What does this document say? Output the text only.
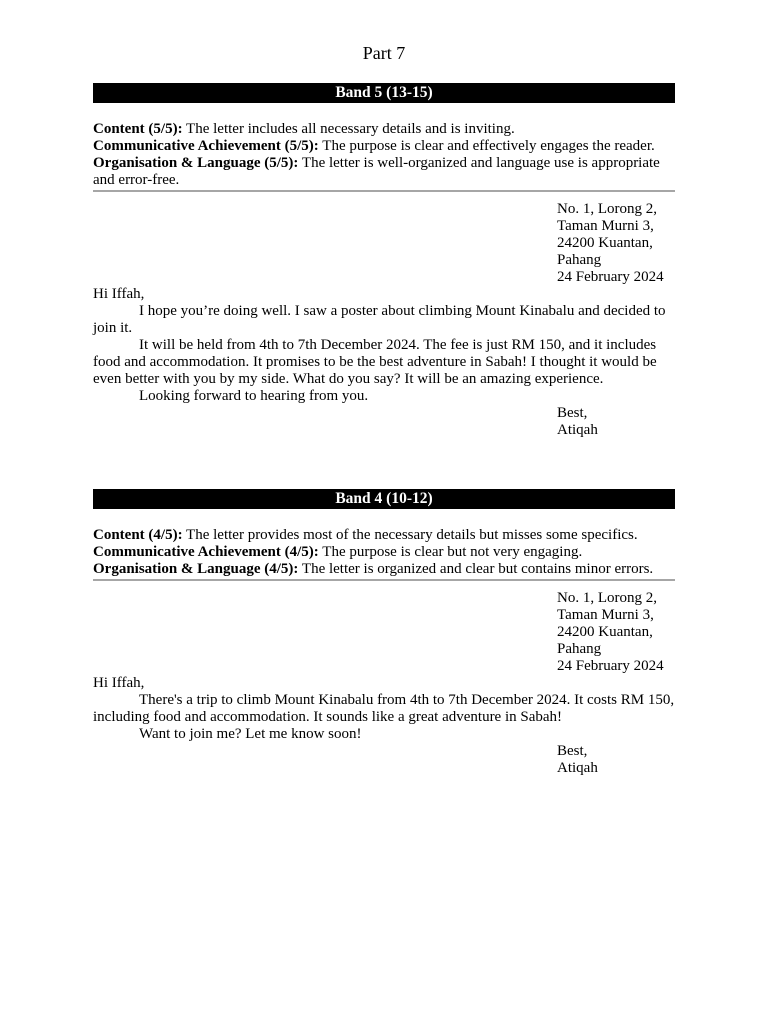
Part 7
Band 5 (13-15)
Content (5/5): The letter includes all necessary details and is inviting.
Communicative Achievement (5/5): The purpose is clear and effectively engages the reader.
Organisation & Language (5/5): The letter is well-organized and language use is appropriate and error-free.
No. 1, Lorong 2,
Taman Murni 3,
24200 Kuantan,
Pahang
24 February 2024
Hi Iffah,
I hope you’re doing well. I saw a poster about climbing Mount Kinabalu and decided to join it.
It will be held from 4th to 7th December 2024. The fee is just RM 150, and it includes food and accommodation. It promises to be the best adventure in Sabah! I thought it would be even better with you by my side. What do you say? It will be an amazing experience.
Looking forward to hearing from you.
Best,
Atiqah
Band 4 (10-12)
Content (4/5): The letter provides most of the necessary details but misses some specifics.
Communicative Achievement (4/5): The purpose is clear but not very engaging.
Organisation & Language (4/5): The letter is organized and clear but contains minor errors.
No. 1, Lorong 2,
Taman Murni 3,
24200 Kuantan,
Pahang
24 February 2024
Hi Iffah,
There's a trip to climb Mount Kinabalu from 4th to 7th December 2024. It costs RM 150, including food and accommodation. It sounds like a great adventure in Sabah!
Want to join me? Let me know soon!
Best,
Atiqah
